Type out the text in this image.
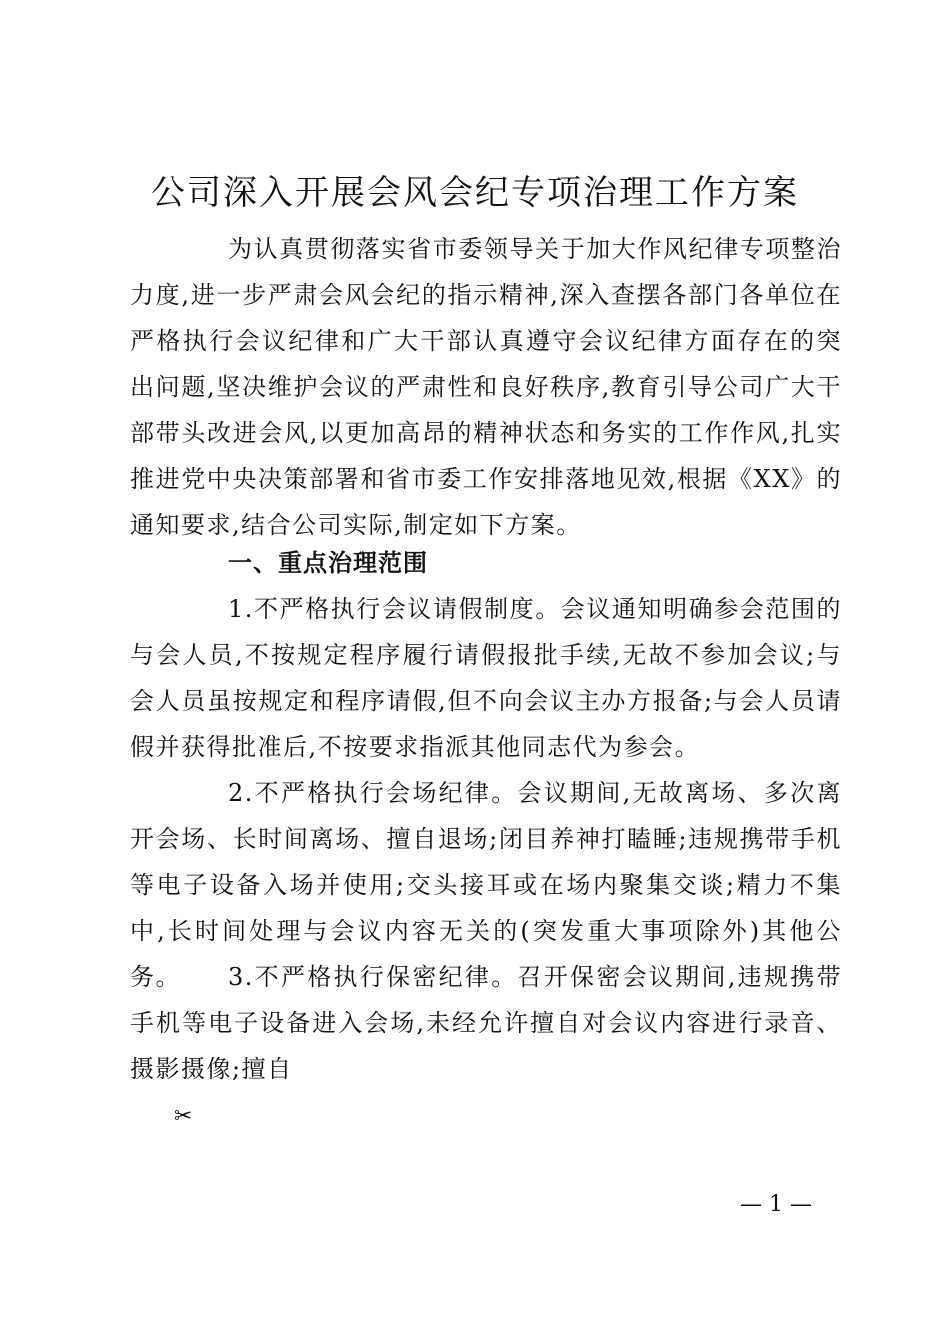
公司深入开展会风会纪专项治理工作方案

为认真贯彻落实省市委领导关于加大作风纪律专项整治力度,进一步严肃会风会纪的指示精神,深入查摆各部门各单位在严格执行会议纪律和广大干部认真遵守会议纪律方面存在的突出问题,坚决维护会议的严肃性和良好秩序,教育引导公司广大干部带头改进会风,以更加高昂的精神状态和务实的工作作风,扎实推进党中央决策部署和省市委工作安排落地见效,根据《XX》的通知要求,结合公司实际,制定如下方案。

一、重点治理范围

1.不严格执行会议请假制度。会议通知明确参会范围的与会人员,不按规定程序履行请假报批手续,无故不参加会议;与会人员虽按规定和程序请假,但不向会议主办方报备;与会人员请假并获得批准后,不按要求指派其他同志代为参会。

2.不严格执行会场纪律。会议期间,无故离场、多次离开会场、长时间离场、擅自退场;闭目养神打瞌睡;违规携带手机等电子设备入场并使用;交头接耳或在场内聚集交谈;精力不集中,长时间处理与会议内容无关的(突发重大事项除外)其他公务。	3.不严格执行保密纪律。召开保密会议期间,违规携带手机等电子设备进入会场,未经允许擅自对会议内容进行录音、摄影摄像;擅自

✂
— 1 —
